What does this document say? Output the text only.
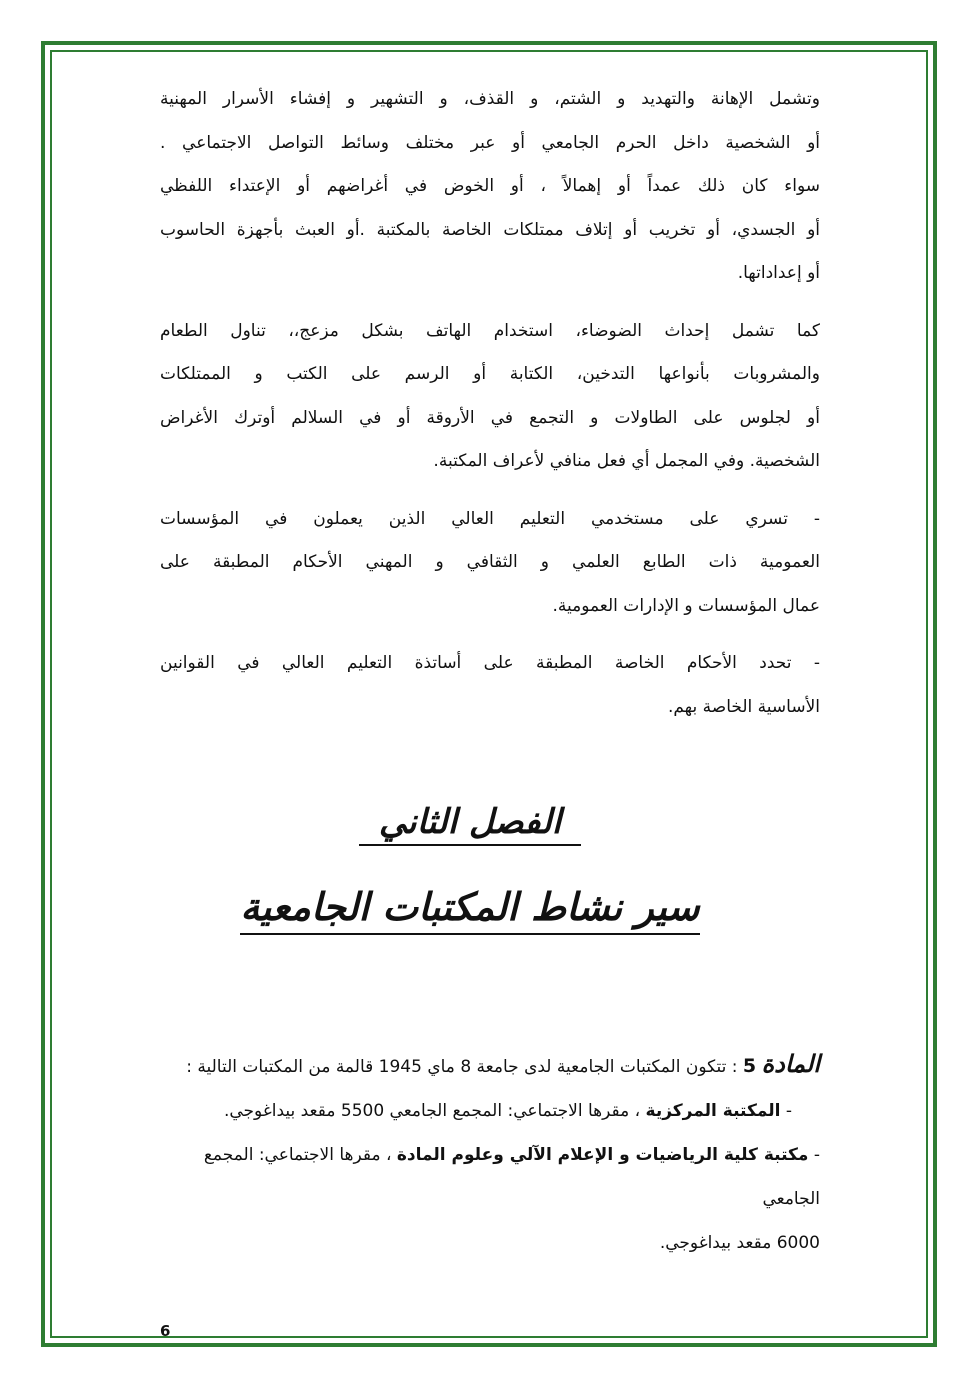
وتشمل الإهانة والتهديد و الشتم، و القذف، و التشهير و إفشاء الأسرار المهنية
أو الشخصية داخل الحرم الجامعي أو عبر مختلف وسائط التواصل الاجتماعي .
سواء كان ذلك عمداً أو إهمالاً ، أو الخوض في أغراضهم أو الإعتداء اللفظي
أو الجسدي، أو تخريب أو إتلاف ممتلكات الخاصة بالمكتبة .أو العبث بأجهزة الحاسوب
أو إعداداتها.

كما تشمل إحداث الضوضاء، استخدام الهاتف بشكل مزعج،، تناول الطعام
والمشروبات بأنواعها التدخين، الكتابة أو الرسم على الكتب و الممتلكات
أو لجلوس على الطاولات و التجمع في الأروقة أو في السلالم أوترك الأغراض
الشخصية. وفي المجمل أي فعل منافي لأعراف المكتبة.

- تسري على مستخدمي التعليم العالي الذين يعملون في المؤسسات
العمومية ذات الطابع العلمي و الثقافي و المهني الأحكام المطبقة على
عمال المؤسسات و الإدارات العمومية.

- تحدد الأحكام الخاصة المطبقة على أساتذة التعليم العالي في القوانين
الأساسية الخاصة بهم.

الفصل الثاني
سير نشاط المكتبات الجامعية
المادة 5 : تتكون المكتبات الجامعية لدى جامعة 8 ماي 1945 قالمة من المكتبات التالية :
- المكتبة المركزية ، مقرها الاجتماعي: المجمع الجامعي 5500 مقعد بيداغوجي.
- مكتبة كلية الرياضيات و الإعلام الآلي وعلوم المادة ، مقرها الاجتماعي: المجمع الجامعي
6000 مقعد بيداغوجي.
6
